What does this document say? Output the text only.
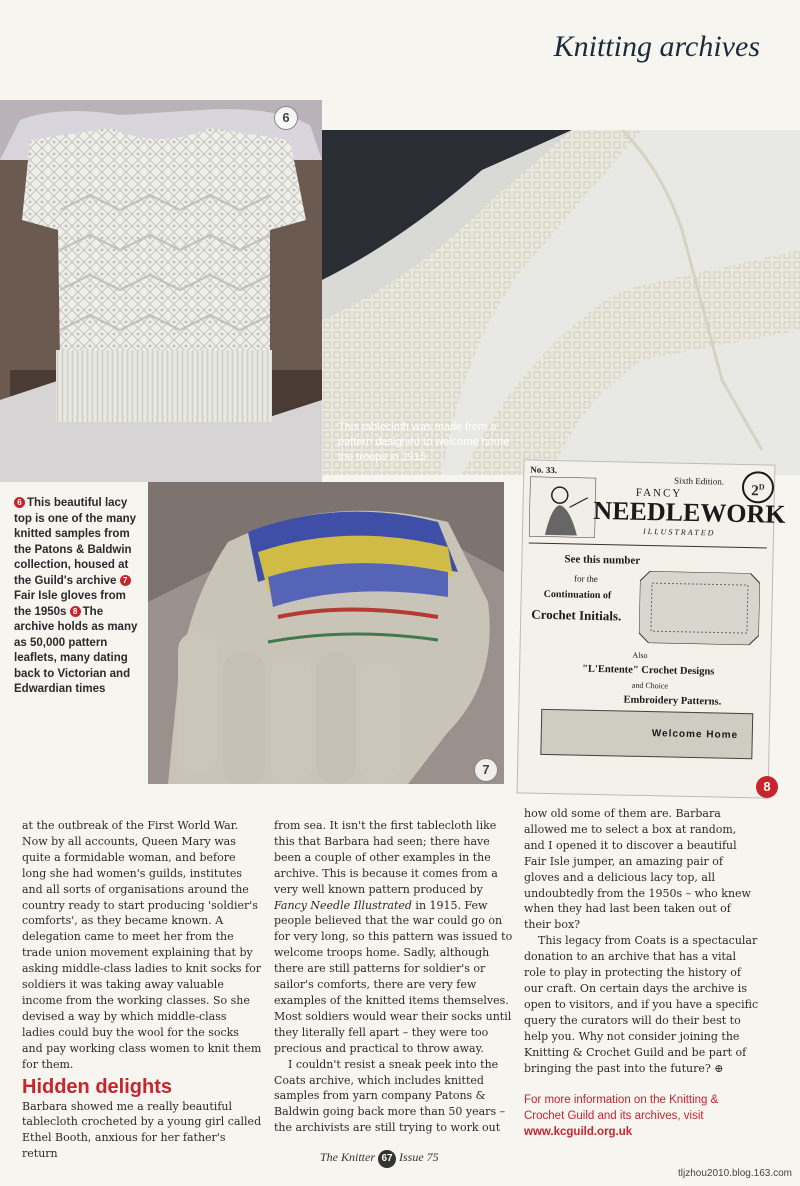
Knitting archives
6
This tablecloth was made from a pattern designed to welcome home the troops in 1915
6 This beautiful lacy top is one of the many knitted samples from the Patons & Baldwin collection, housed at the Guild's archive 7Fair Isle gloves from the 1950s 8 The archive holds as many as 50,000 pattern leaflets, many dating back to Victorian and Edwardian times
7
No. 33.
Sixth Edition.
$2^D$
FANCY
NEEDLEWORK
ILLUSTRATED
See this number
for the
Continuation of
Crochet Initials.
Also
"L'Entente" Crochet Designs
and Choice
Embroidery Patterns.
Welcome Home
8

at the outbreak of the First World War. Now by all accounts, Queen Mary was quite a formidable woman, and before long she had women's guilds, institutes and all sorts of organisations around the country ready to start producing 'soldier's comforts', as they became known. A delegation came to meet her from the trade union movement explaining that by asking middle-class ladies to knit socks for soldiers it was taking away valuable income from the working classes. So she devised a way by which middle-class ladies could buy the wool for the socks and pay working class women to knit them for them.

Hidden delights

Barbara showed me a really beautiful tablecloth crocheted by a young girl called Ethel Booth, anxious for her father's return

from sea. It isn't the first tablecloth like this that Barbara had seen; there have been a couple of other examples in the archive. This is because it comes from a very well known pattern produced by Fancy Needle Illustrated in 1915. Few people believed that the war could go on for very long, so this pattern was issued to welcome troops home. Sadly, although there are still patterns for soldier's or sailor's comforts, there are very few examples of the knitted items themselves. Most soldiers would wear their socks until they literally fell apart – they were too precious and practical to throw away.

I couldn't resist a sneak peek into the Coats archive, which includes knitted samples from yarn company Patons & Baldwin going back more than 50 years – the archivists are still trying to work out

how old some of them are. Barbara allowed me to select a box at random, and I opened it to discover a beautiful Fair Isle jumper, an amazing pair of gloves and a delicious lacy top, all undoubtedly from the 1950s – who knew when they had last been taken out of their box?

This legacy from Coats is a spectacular donation to an archive that has a vital role to play in protecting the history of our craft. On certain days the archive is open to visitors, and if you have a specific query the curators will do their best to help you. Why not consider joining the Knitting & Crochet Guild and be part of bringing the past into the future? ⊕

For more information on the Knitting & Crochet Guild and its archives, visit www.kcguild.org.uk

The Knitter 67 Issue 75
tljzhou2010.blog.163.com
